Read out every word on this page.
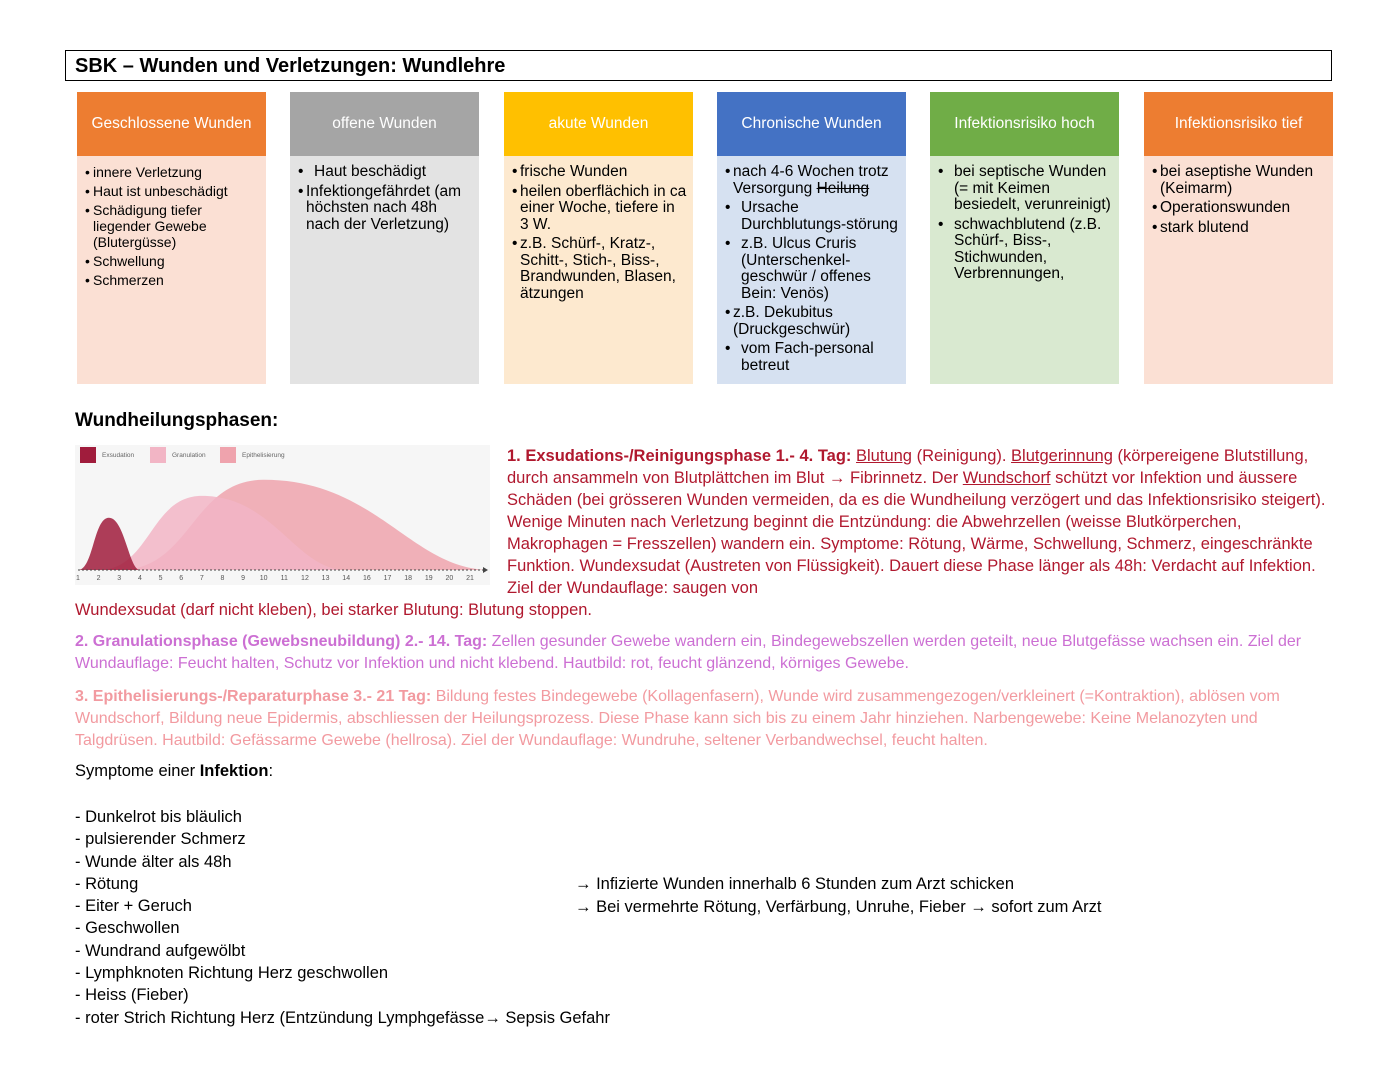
SBK – Wunden und Verletzungen: Wundlehre
Geschlossene Wunden
• innere Verletzung
• Haut ist unbeschädigt
• Schädigung tiefer liegender Gewebe (Blutergüsse)
• Schwellung
• Schmerzen
offene Wunden
• Haut beschädigt
• Infektiongefährdet (am höchsten nach 48h nach der Verletzung)
akute Wunden
• frische Wunden
• heilen oberflächich in ca einer Woche, tiefere in 3 W.
• z.B. Schürf-, Kratz-, Schitt-, Stich-, Biss-, Brandwunden, Blasen, ätzungen
Chronische Wunden
• nach 4-6 Wochen trotz Versorgung Heilung
• Ursache Durchblutungs-störung
• z.B. Ulcus Cruris (Unterschenkel-geschwür / offenes Bein: Venös)
• z.B. Dekubitus (Druckgeschwür)
• vom Fach-personal betreut
Infektionsrisiko hoch
• bei septische Wunden (= mit Keimen besiedelt, verunreinigt)
• schwachblutend (z.B. Schürf-, Biss-, Stichwunden, Verbrennungen,
Infektionsrisiko tief
• bei aseptishe Wunden (Keimarm)
• Operationswunden
• stark blutend
Wundheilungsphasen:
1 2 3 4 5 6 7 8 9 10 11 12 13 14 16 17 18 19 20 21
Exsudation	Granulation	Epithelisierung	1. Exsudations-/Reinigungsphase 1.- 4. Tag: Blutung (Reinigung). Blutgerinnung (körpereigene Blutstillung, durch ansammeln von Blutplättchen im Blut → Fibrinnetz. Der Wundschorf schützt vor Infektion und äussere Schäden (bei grösseren Wunden vermeiden, da es die Wundheilung verzögert und das Infektionsrisiko steigert). Wenige Minuten nach Verletzung beginnt die Entzündung: die Abwehrzellen (weisse Blutkörperchen, Makrophagen = Fresszellen) wandern ein. Symptome: Rötung, Wärme, Schwellung, Schmerz, eingeschränkte Funktion. Wundexsudat (Austreten von Flüssigkeit). Dauert diese Phase länger als 48h: Verdacht auf Infektion. Ziel der Wundauflage: saugen von
Wundexsudat (darf nicht kleben), bei starker Blutung: Blutung stoppen.
2. Granulationsphase (Gewebsneubildung) 2.- 14. Tag: Zellen gesunder Gewebe wandern ein, Bindegewebszellen werden geteilt, neue Blutgefässe wachsen ein. Ziel der Wundauflage: Feucht halten, Schutz vor Infektion und nicht klebend. Hautbild: rot, feucht glänzend, körniges Gewebe.
3. Epithelisierungs-/Reparaturphase 3.- 21 Tag: Bildung festes Bindegewebe (Kollagenfasern), Wunde wird zusammengezogen/verkleinert (=Kontraktion), ablösen vom Wundschorf, Bildung neue Epidermis, abschliessen der Heilungsprozess. Diese Phase kann sich bis zu einem Jahr hinziehen. Narbengewebe: Keine Melanozyten und Talgdrüsen. Hautbild: Gefässarme Gewebe (hellrosa). Ziel der Wundauflage: Wundruhe, seltener Verbandwechsel, feucht halten.
Symptome einer Infektion:
- Dunkelrot bis bläulich
- pulsierender Schmerz
- Wunde älter als 48h
- Rötung
- Eiter + Geruch
- Geschwollen
- Wundrand aufgewölbt
- Lymphknoten Richtung Herz geschwollen
- Heiss (Fieber)
- roter Strich Richtung Herz (Entzündung Lymphgefässe→ Sepsis Gefahr
→ Infizierte Wunden innerhalb 6 Stunden zum Arzt schicken
→ Bei vermehrte Rötung, Verfärbung, Unruhe, Fieber → sofort zum Arzt
